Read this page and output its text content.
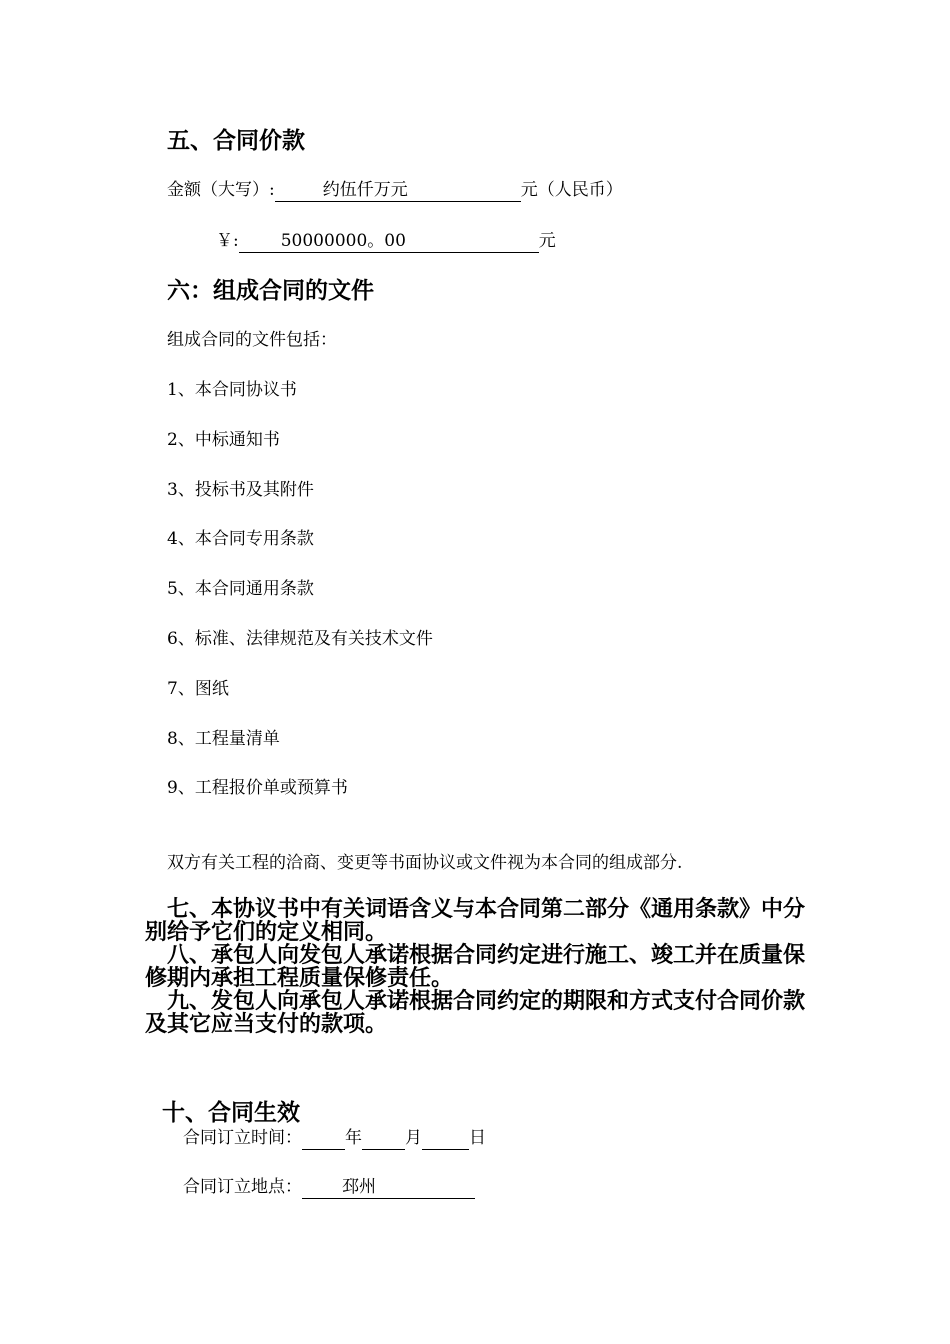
五、合同价款
金额（大写）:	约伍仟万元	元（人民币）
￥: 50000000。00	元
六：组成合同的文件
组成合同的文件包括：
1、本合同协议书
2、中标通知书
3、投标书及其附件
4、本合同专用条款
5、本合同通用条款
6、标准、法律规范及有关技术文件
7、图纸
8、工程量清单
9、工程报价单或预算书
双方有关工程的洽商、变更等书面协议或文件视为本合同的组成部分.
七、本协议书中有关词语含义与本合同第二部分《通用条款》中分别给予它们的定义相同。
八、承包人向发包人承诺根据合同约定进行施工、竣工并在质量保修期内承担工程质量保修责任。
九、发包人向承包人承诺根据合同约定的期限和方式支付合同价款及其它应当支付的款项。
十、合同生效
合同订立时间：	年	月	日
合同订立地点： 邳州
